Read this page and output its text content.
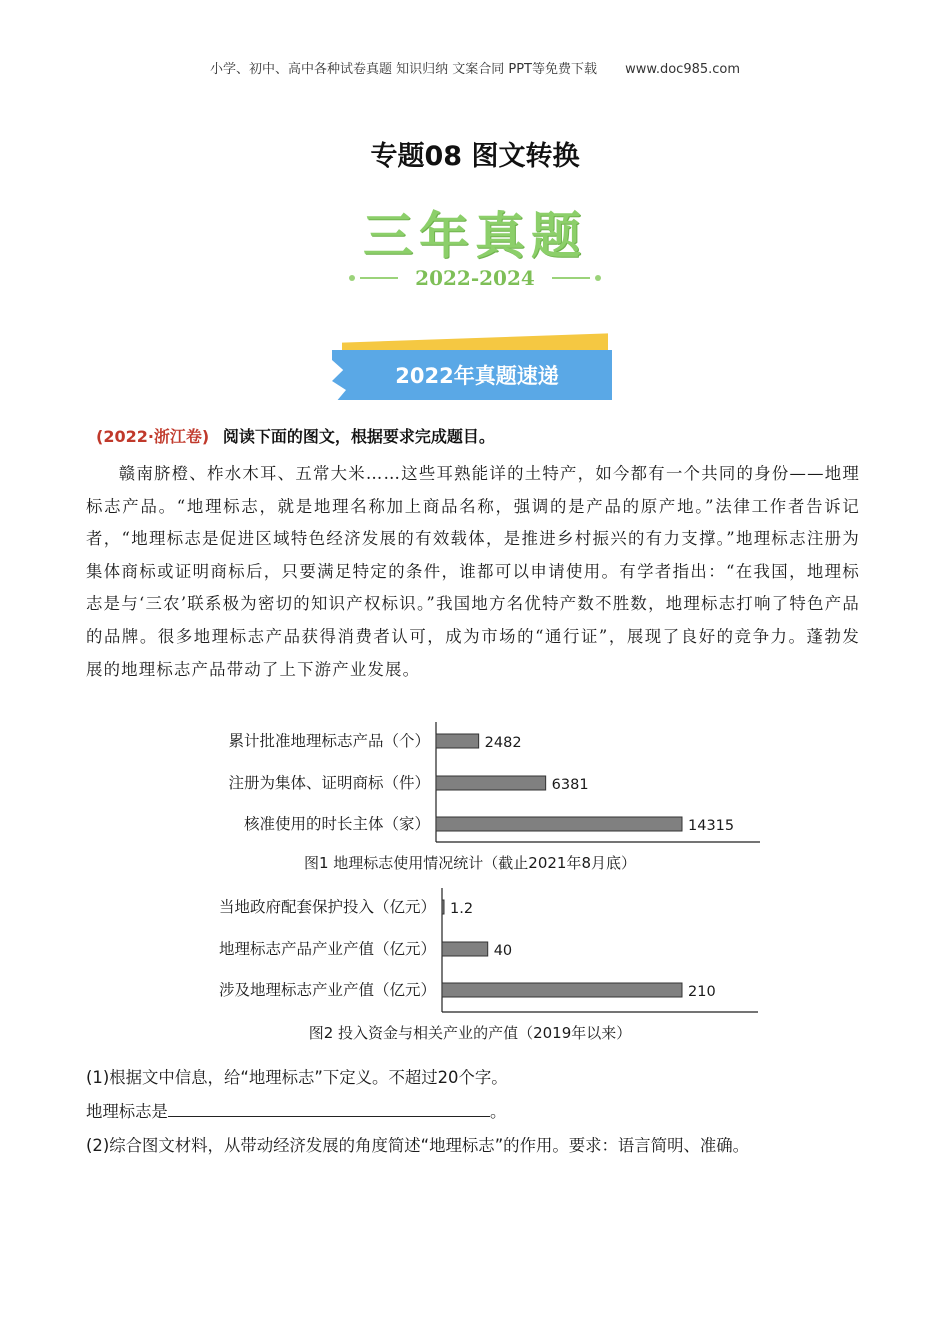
小学、初中、高中各种试卷真题 知识归纳 文案合同 PPT等免费下载 www.doc985.com
专题08 图文转换
三年真题
2022-2024
2022年真题速递
(2022·浙江卷) 阅读下面的图文，根据要求完成题目。

赣南脐橙、柞水木耳、五常大米……这些耳熟能详的土特产，如今都有一个共同的身份——地理标志产品。“地理标志，就是地理名称加上商品名称，强调的是产品的原产地。”法律工作者告诉记者，“地理标志是促进区域特色经济发展的有效载体，是推进乡村振兴的有力支撑。”地理标志注册为集体商标或证明商标后，只要满足特定的条件，谁都可以申请使用。有学者指出：“在我国，地理标志是与‘三农’联系极为密切的知识产权标识。”我国地方名优特产数不胜数，地理标志打响了特色产品的品牌。很多地理标志产品获得消费者认可，成为市场的“通行证”，展现了良好的竞争力。蓬勃发展的地理标志产品带动了上下游产业发展。

累计批准地理标志产品（个）	2482
注册为集体、证明商标（件）	6381
核准使用的时长主体（家）	14315
图1 地理标志使用情况统计（截止2021年8月底）
当地政府配套保护投入（亿元） 1.2
地理标志产品产业产值（亿元）	40
涉及地理标志产业产值（亿元）	210
图2 投入资金与相关产业的产值（2019年以来）
(1)根据文中信息，给“地理标志”下定义。不超过20个字。
地理标志是	。
(2)综合图文材料，从带动经济发展的角度简述“地理标志”的作用。要求：语言简明、准确。
